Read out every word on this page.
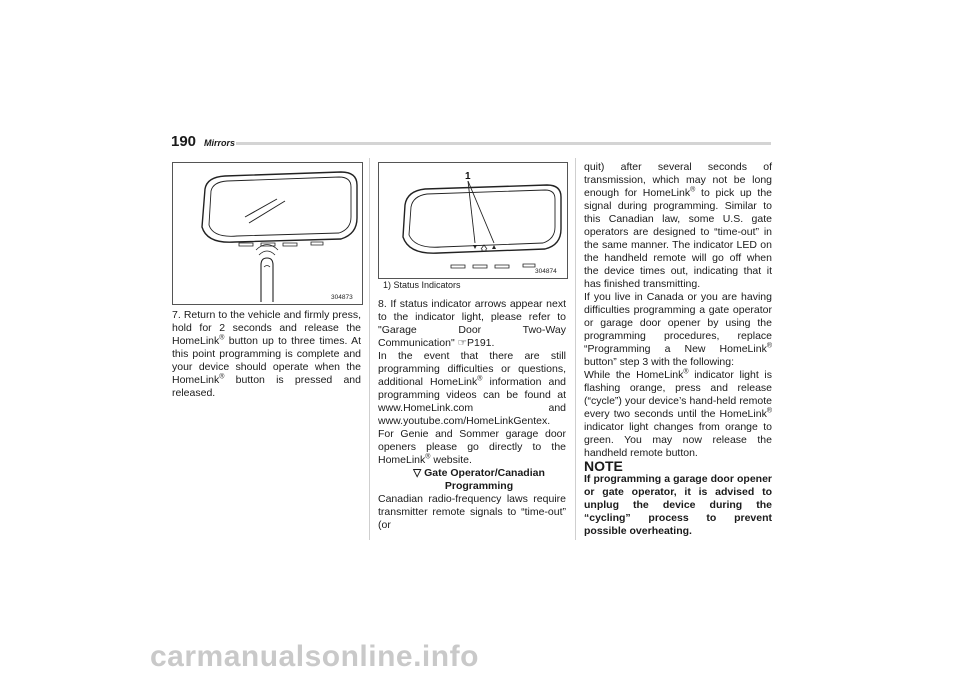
190 Mirrors
304873
1
304874
1) Status Indicators

7. Return to the vehicle and firmly press, hold for 2 seconds and release the HomeLink® button up to three times. At this point programming is complete and your device should operate when the HomeLink® button is pressed and released.

8. If status indicator arrows appear next to the indicator light, please refer to "Garage Door Two-Way Communication" ☞P191.

In the event that there are still programming difficulties or questions, additional HomeLink® information and programming videos can be found at www.HomeLink.com and www.youtube.com/HomeLinkGentex. For Genie and Sommer garage door openers please go directly to the HomeLink® website.

▽ Gate Operator/Canadian Programming

Canadian radio-frequency laws require transmitter remote signals to “time-out” (or

quit) after several seconds of transmission, which may not be long enough for HomeLink® to pick up the signal during programming. Similar to this Canadian law, some U.S. gate operators are designed to “time-out” in the same manner. The indicator LED on the handheld remote will go off when the device times out, indicating that it has finished transmitting.

If you live in Canada or you are having difficulties programming a gate operator or garage door opener by using the programming procedures, replace “Programming a New HomeLink® button” step 3 with the following:

While the HomeLink® indicator light is flashing orange, press and release (“cycle”) your device’s hand-held remote every two seconds until the HomeLink® indicator light changes from orange to green. You may now release the handheld remote button.

NOTE

If programming a garage door opener or gate operator, it is advised to unplug the device during the “cycling” process to prevent possible overheating.

carmanualsonline.info
